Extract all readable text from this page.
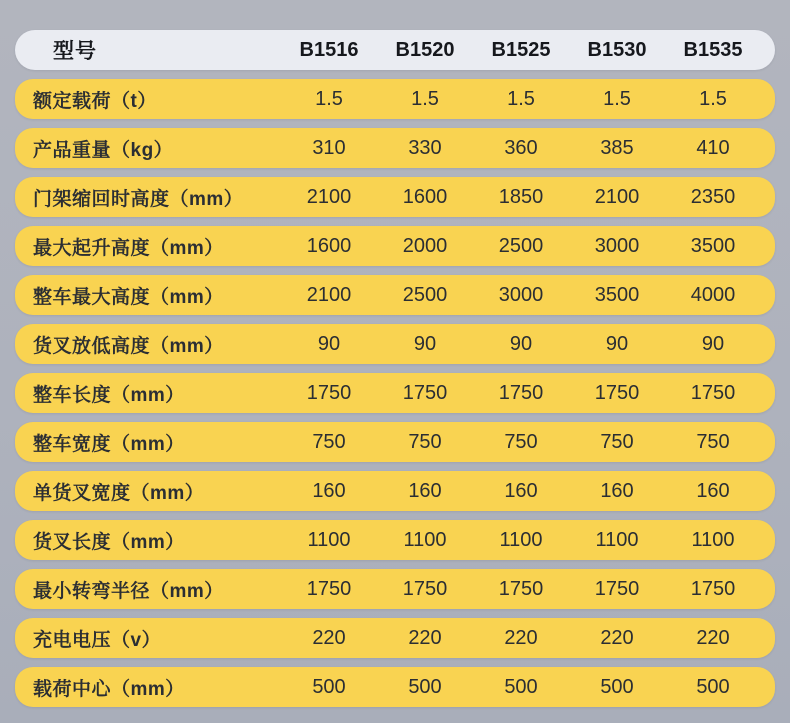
型号	B1516	B1520	B1525	B1530	B1535
额定载荷（t）	1.5	1.5	1.5	1.5	1.5
产品重量（kg）	310	330	360	385	410
门架缩回时高度（mm）	2100	1600	1850	2100	2350
最大起升高度（mm）	1600	2000	2500	3000	3500
整车最大高度（mm）	2100	2500	3000	3500	4000
货叉放低高度（mm）	90	90	90	90	90
整车长度（mm）	1750	1750	1750	1750	1750
整车宽度（mm）	750	750	750	750	750
单货叉宽度（mm）	160	160	160	160	160
货叉长度（mm）	1100	1100	1100	1100	1100
最小转弯半径（mm）	1750	1750	1750	1750	1750
充电电压（v）	220	220	220	220	220
载荷中心（mm）	500	500	500	500	500
